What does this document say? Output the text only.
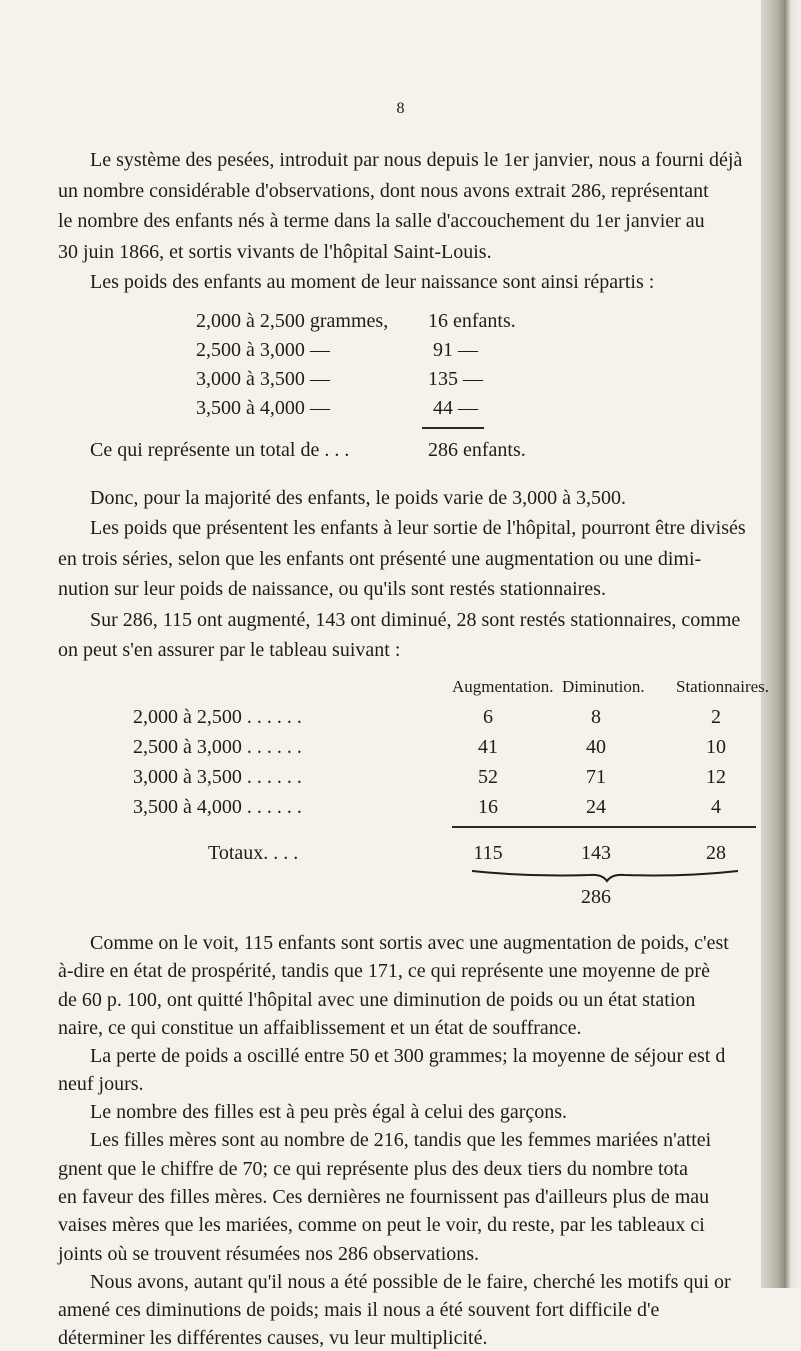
8
Le système des pesées, introduit par nous depuis le 1er janvier, nous a fourni déjà
un nombre considérable d'observations, dont nous avons extrait 286, représentant
le nombre des enfants nés à terme dans la salle d'accouchement du 1er janvier au
30 juin 1866, et sortis vivants de l'hôpital Saint-Louis.
Les poids des enfants au moment de leur naissance sont ainsi répartis :
2,000 à 2,500 grammes, 16 enfants.
2,500 à 3,000 —	91 —
3,000 à 3,500 —	135 —
3,500 à 4,000 —	44 —
Ce qui représente un total de . . .	286 enfants.
Donc, pour la majorité des enfants, le poids varie de 3,000 à 3,500.
Les poids que présentent les enfants à leur sortie de l'hôpital, pourront être divisés
en trois séries, selon que les enfants ont présenté une augmentation ou une dimi-
nution sur leur poids de naissance, ou qu'ils sont restés stationnaires.
Sur 286, 115 ont augmenté, 143 ont diminué, 28 sont restés stationnaires, comme
on peut s'en assurer par le tableau suivant :
Augmentation. Diminution. Stationnaires.
2,000 à 2,500 . . . . . .	6	8	2
2,500 à 3,000 . . . . . .	41	40	10
3,000 à 3,500 . . . . . .	52	71	12
3,500 à 4,000 . . . . . .	16	24	4
Totaux. . . .	115	143	28
286
Comme on le voit, 115 enfants sont sortis avec une augmentation de poids, c'est
à-dire en état de prospérité, tandis que 171, ce qui représente une moyenne de prè
de 60 p. 100, ont quitté l'hôpital avec une diminution de poids ou un état station
naire, ce qui constitue un affaiblissement et un état de souffrance.
La perte de poids a oscillé entre 50 et 300 grammes; la moyenne de séjour est d
neuf jours.
Le nombre des filles est à peu près égal à celui des garçons.
Les filles mères sont au nombre de 216, tandis que les femmes mariées n'attei
gnent que le chiffre de 70; ce qui représente plus des deux tiers du nombre tota
en faveur des filles mères. Ces dernières ne fournissent pas d'ailleurs plus de mau
vaises mères que les mariées, comme on peut le voir, du reste, par les tableaux ci
joints où se trouvent résumées nos 286 observations.
Nous avons, autant qu'il nous a été possible de le faire, cherché les motifs qui or
amené ces diminutions de poids; mais il nous a été souvent fort difficile d'e
déterminer les différentes causes, vu leur multiplicité.
